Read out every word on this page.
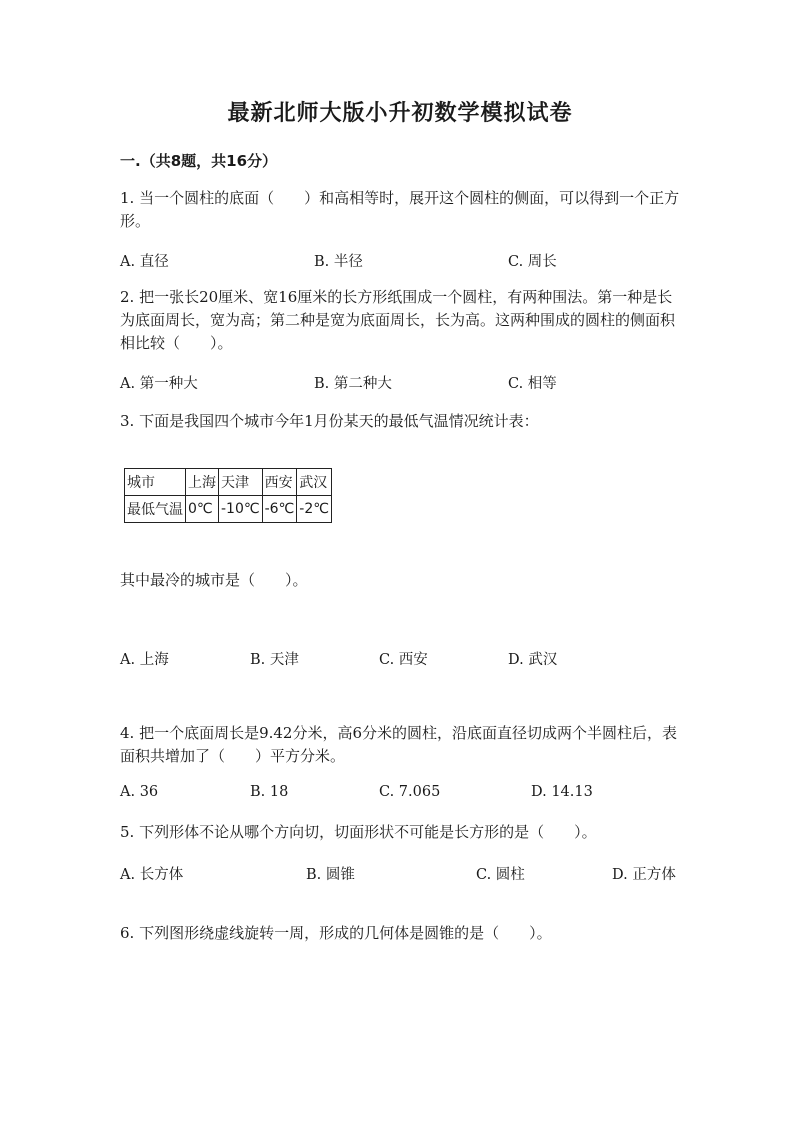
最新北师大版小升初数学模拟试卷
一.（共8题，共16分）
1. 当一个圆柱的底面（　　）和高相等时，展开这个圆柱的侧面，可以得到一个正方形。
A. 直径	B. 半径	C. 周长
2. 把一张长20厘米、宽16厘米的长方形纸围成一个圆柱，有两种围法。第一种是长为底面周长，宽为高；第二种是宽为底面周长，长为高。这两种围成的圆柱的侧面积相比较（　　）。
A. 第一种大	B. 第二种大	C. 相等
3. 下面是我国四个城市今年1月份某天的最低气温情况统计表：
城市	上海	天津	西安	武汉
最低气温	0℃	-10℃	-6℃	-2℃
其中最冷的城市是（　　）。
A. 上海	B. 天津	C. 西安	D. 武汉
4. 把一个底面周长是9.42分米，高6分米的圆柱，沿底面直径切成两个半圆柱后，表面积共增加了（　　）平方分米。
A. 36	B. 18	C. 7.065	D. 14.13
5. 下列形体不论从哪个方向切，切面形状不可能是长方形的是（　　）。
A. 长方体	B. 圆锥	C. 圆柱	D. 正方体
6. 下列图形绕虚线旋转一周，形成的几何体是圆锥的是（　　）。
